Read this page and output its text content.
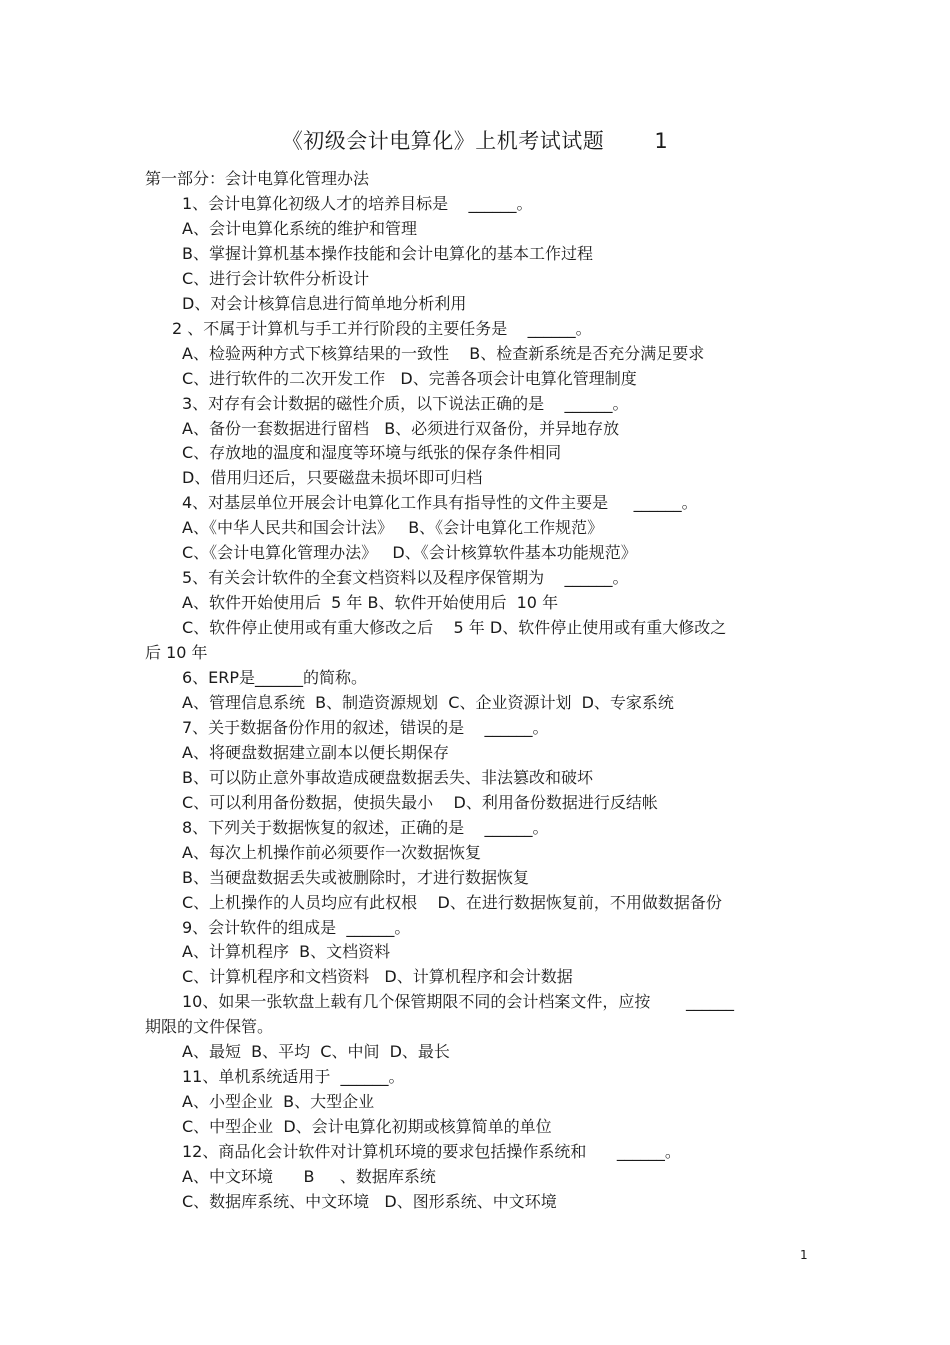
《初级会计电算化》上机考试试题 1
第一部分：会计电算化管理办法
1、会计电算化初级人才的培养目标是    ______。
A、会计电算化系统的维护和管理
B、掌握计算机基本操作技能和会计电算化的基本工作过程
C、进行会计软件分析设计
D、对会计核算信息进行简单地分析利用
2 、不属于计算机与手工并行阶段的主要任务是    ______。
A、检验两种方式下核算结果的一致性    B、检查新系统是否充分满足要求
C、进行软件的二次开发工作   D、完善各项会计电算化管理制度
3、对存有会计数据的磁性介质，以下说法正确的是    ______。
A、备份一套数据进行留档   B、必须进行双备份，并异地存放
C、存放地的温度和湿度等环境与纸张的保存条件相同
D、借用归还后，只要磁盘未损坏即可归档
4、对基层单位开展会计电算化工作具有指导性的文件主要是     ______。
A、《中华人民共和国会计法》   B、《会计电算化工作规范》
C、《会计电算化管理办法》   D、《会计核算软件基本功能规范》
5、有关会计软件的全套文档资料以及程序保管期为    ______。
A、软件开始使用后  5 年 B、软件开始使用后  10 年
C、软件停止使用或有重大修改之后    5 年 D、软件停止使用或有重大修改之
后 10 年
6、ERP是______的简称。
A、管理信息系统  B、制造资源规划  C、企业资源计划  D、专家系统
7、关于数据备份作用的叙述，错误的是    ______。
A、将硬盘数据建立副本以便长期保存
B、可以防止意外事故造成硬盘数据丢失、非法篡改和破坏
C、可以利用备份数据，使损失最小    D、利用备份数据进行反结帐
8、下列关于数据恢复的叙述，正确的是    ______。
A、每次上机操作前必须要作一次数据恢复
B、当硬盘数据丢失或被删除时，才进行数据恢复
C、上机操作的人员均应有此权根    D、在进行数据恢复前，不用做数据备份
9、会计软件的组成是  ______。
A、计算机程序  B、文档资料
C、计算机程序和文档资料   D、计算机程序和会计数据
10、如果一张软盘上载有几个保管期限不同的会计档案文件，应按       ______
期限的文件保管。
A、最短  B、平均  C、中间  D、最长
11、单机系统适用于  ______。
A、小型企业  B、大型企业
C、中型企业  D、会计电算化初期或核算简单的单位
12、商品化会计软件对计算机环境的要求包括操作系统和      ______。
A、中文环境      B     、数据库系统
C、数据库系统、中文环境   D、图形系统、中文环境
1
